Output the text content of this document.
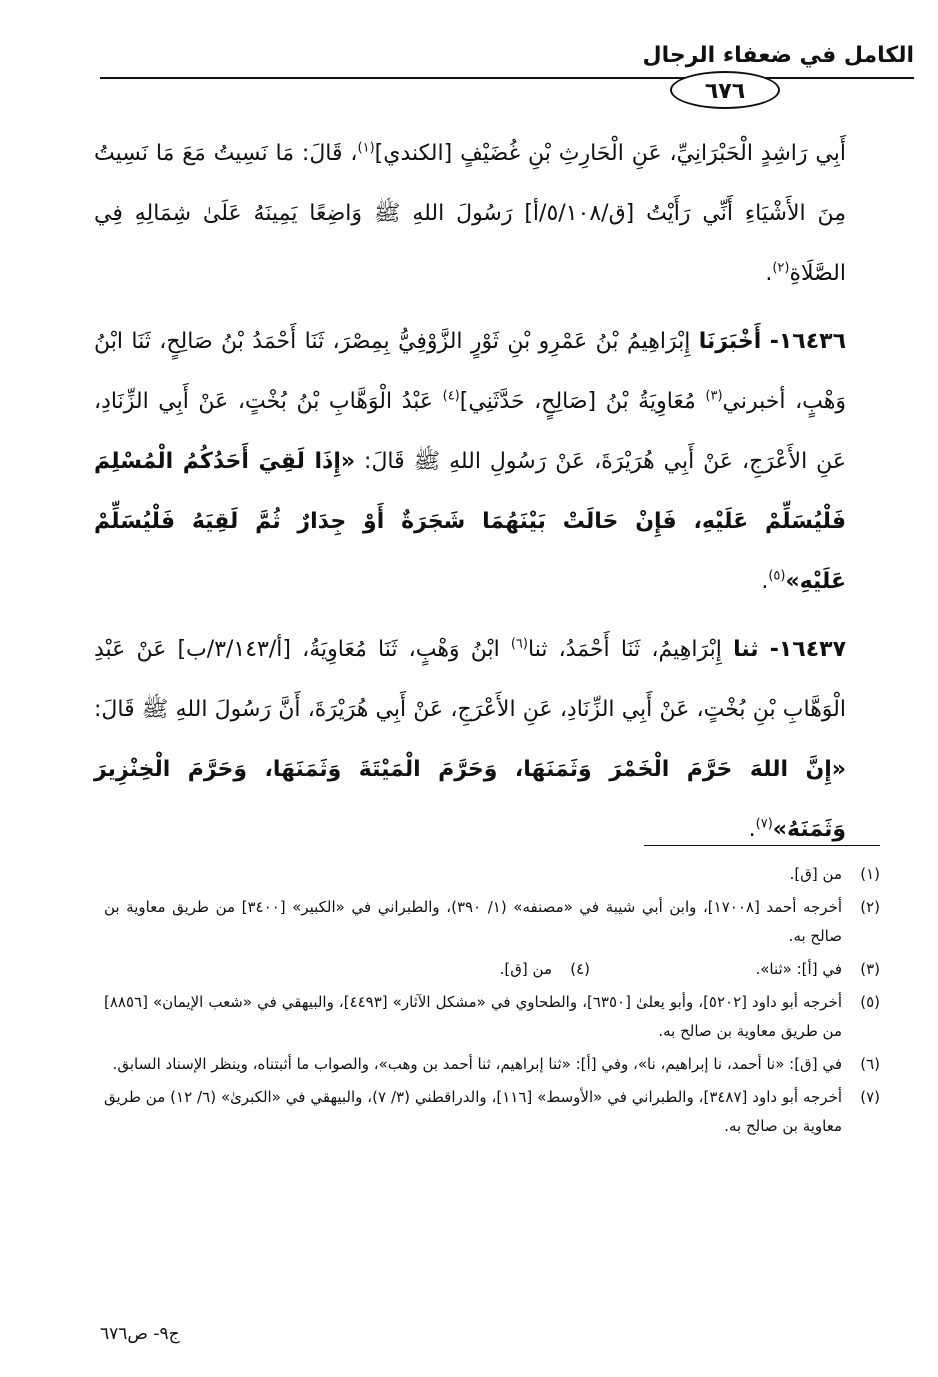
الكامل في ضعفاء الرجال
٦٧٦

أَبِي رَاشِدٍ الْحَبْرَانِيِّ، عَنِ الْحَارِثِ بْنِ غُضَيْفٍ [الكندي]$^{(١)}$، قَالَ: مَا نَسِيتُ مَعَ مَا نَسِيتُ مِنَ الأَشْيَاءِ أَنِّي رَأَيْتُ [ق/٥/١٠٨/أ] رَسُولَ اللهِ ﷺ وَاضِعًا يَمِينَهُ عَلَىٰ شِمَالِهِ فِي الصَّلَاةِ$^{(٢)}$.

١٦٤٣٦- أَخْبَرَنَا إِبْرَاهِيمُ بْنُ عَمْرِو بْنِ ثَوْرٍ الزَّوْفِيُّ بِمِصْرَ، ثَنَا أَحْمَدُ بْنُ صَالِحٍ، ثَنَا ابْنُ وَهْبٍ، أخبرني$^{(٣)}$ مُعَاوِيَةُ بْنُ [صَالِحٍ، حَدَّثَنِي]$^{(٤)}$ عَبْدُ الْوَهَّابِ بْنُ بُخْتٍ، عَنْ أَبِي الزِّنَادِ، عَنِ الأَعْرَجِ، عَنْ أَبِي هُرَيْرَةَ، عَنْ رَسُولِ اللهِ ﷺ قَالَ: «إِذَا لَقِيَ أَحَدُكُمُ الْمُسْلِمَ فَلْيُسَلِّمْ عَلَيْهِ، فَإِنْ حَالَتْ بَيْنَهُمَا شَجَرَةٌ أَوْ جِدَارٌ ثُمَّ لَقِيَهُ فَلْيُسَلِّمْ عَلَيْهِ»$^{(٥)}$.

١٦٤٣٧- ثنا إِبْرَاهِيمُ، ثَنَا أَحْمَدُ، ثنا$^{(٦)}$ ابْنُ وَهْبٍ، ثَنَا مُعَاوِيَةُ، [أ/٣/١٤٣/ب] عَنْ عَبْدِ الْوَهَّابِ بْنِ بُخْتٍ، عَنْ أَبِي الزِّنَادِ، عَنِ الأَعْرَجِ، عَنْ أَبِي هُرَيْرَةَ، أَنَّ رَسُولَ اللهِ ﷺ قَالَ: «إِنَّ اللهَ حَرَّمَ الْخَمْرَ وَثَمَنَهَا، وَحَرَّمَ الْمَيْتَةَ وَثَمَنَهَا، وَحَرَّمَ الْخِنْزِيرَ وَثَمَنَهُ»$^{(٧)}$.

(١)
من [ق].
(٢)
أخرجه أحمد [١٧٠٠٨]، وابن أبي شيبة في «مصنفه» (١/ ٣٩٠)، والطبراني في «الكبير» [٣٤٠٠] من طريق معاوية بن صالح به.
(٣)
في [أ]: «ثنا».
(٤)
من [ق].
(٥)
أخرجه أبو داود [٥٢٠٢]، وأبو يعلىٰ [٦٣٥٠]، والطحاوي في «مشكل الآثار» [٤٤٩٣]، والبيهقي في «شعب الإيمان» [٨٨٥٦] من طريق معاوية بن صالح به.
(٦)
في [ق]: «نا أحمد، نا إبراهيم، نا»، وفي [أ]: «ثنا إبراهيم، ثنا أحمد بن وهب»، والصواب ما أثبتناه، وينظر الإسناد السابق.
(٧)
أخرجه أبو داود [٣٤٨٧]، والطبراني في «الأوسط» [١١٦]، والدراقطني (٣/ ٧)، والبيهقي في «الكبرىٰ» (٦/ ١٢) من طريق معاوية بن صالح به.
ج٩- ص٦٧٦
